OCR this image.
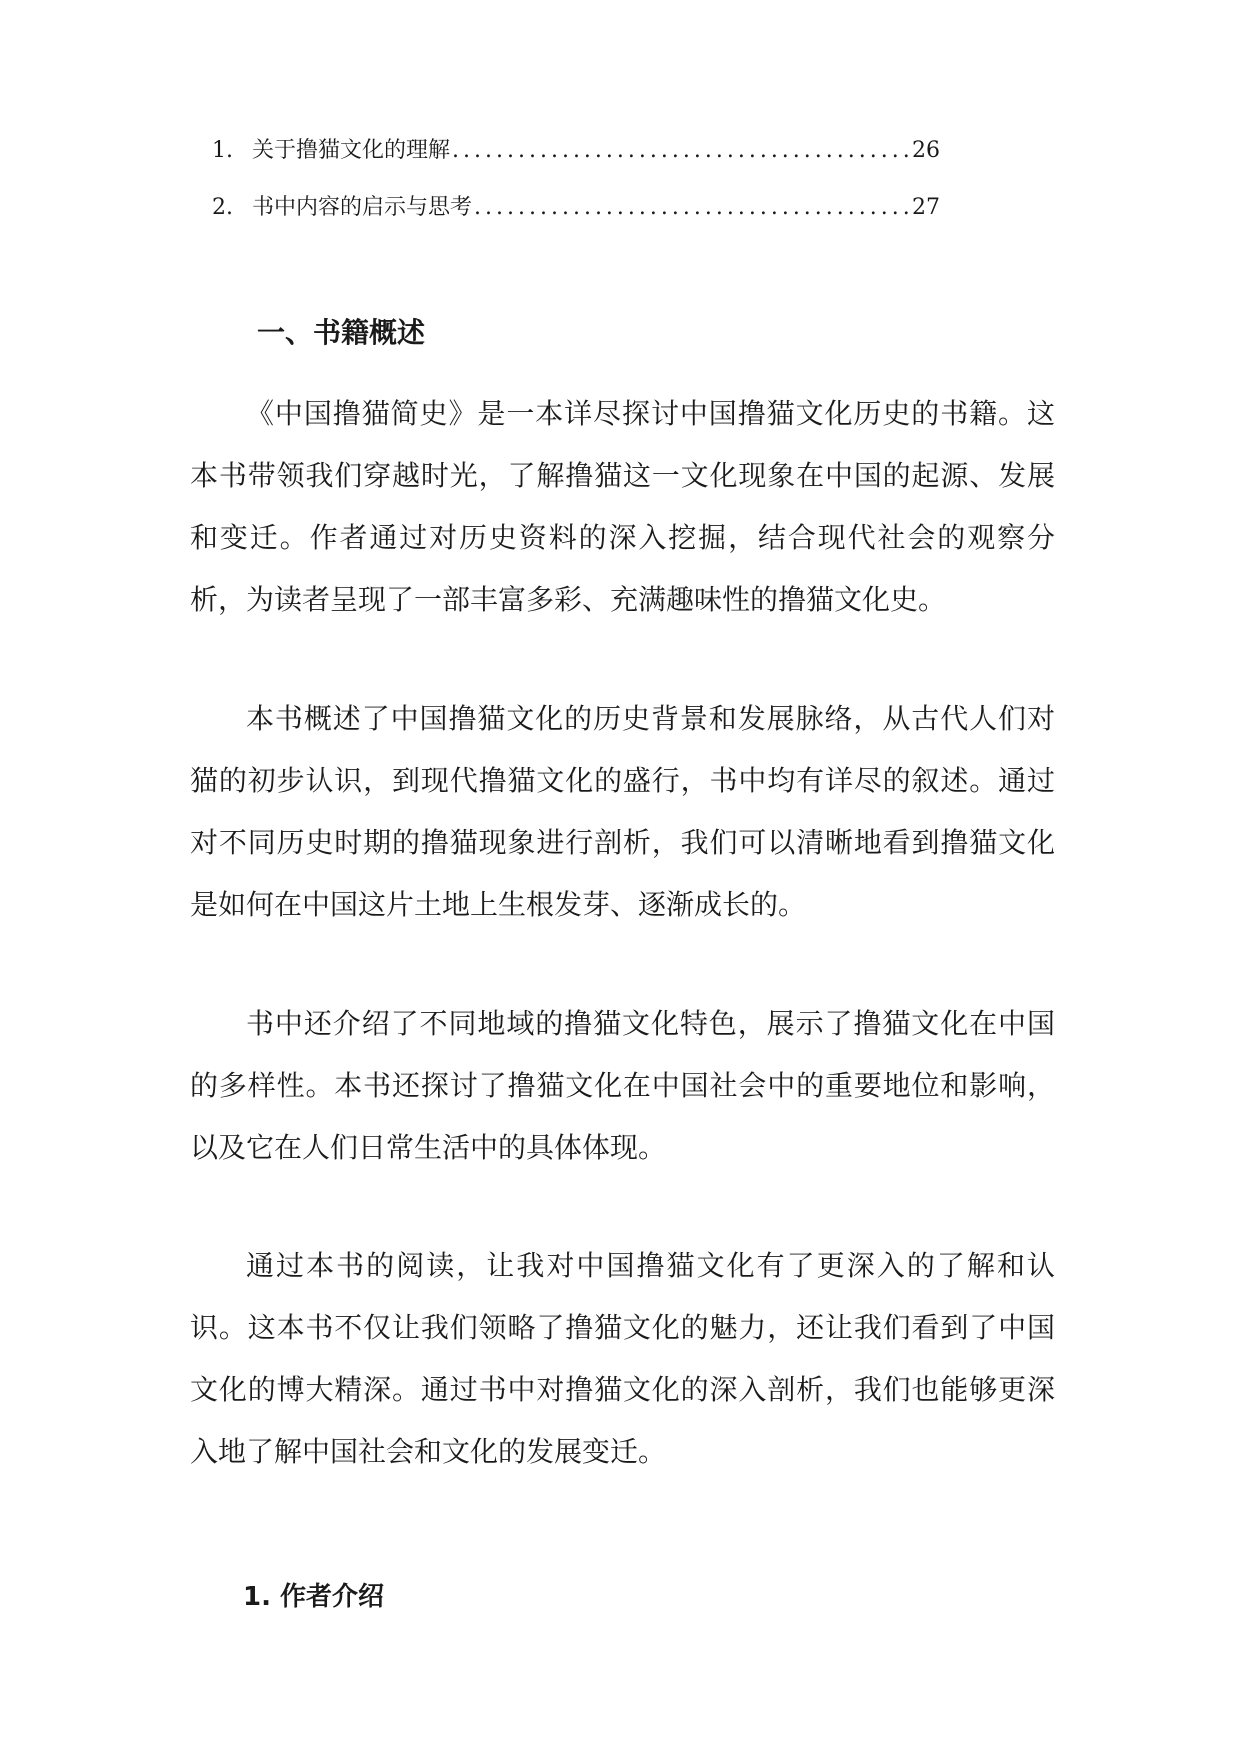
1. 关于撸猫文化的理解 .....	26
2. 书中内容的启示与思考 .....	27
一、书籍概述

《中国撸猫简史》是一本详尽探讨中国撸猫文化历史的书籍。这本书带领我们穿越时光，了解撸猫这一文化现象在中国的起源、发展和变迁。作者通过对历史资料的深入挖掘，结合现代社会的观察分析，为读者呈现了一部丰富多彩、充满趣味性的撸猫文化史。

本书概述了中国撸猫文化的历史背景和发展脉络，从古代人们对猫的初步认识，到现代撸猫文化的盛行，书中均有详尽的叙述。通过对不同历史时期的撸猫现象进行剖析，我们可以清晰地看到撸猫文化是如何在中国这片土地上生根发芽、逐渐成长的。

书中还介绍了不同地域的撸猫文化特色，展示了撸猫文化在中国的多样性。本书还探讨了撸猫文化在中国社会中的重要地位和影响，以及它在人们日常生活中的具体体现。

通过本书的阅读，让我对中国撸猫文化有了更深入的了解和认识。这本书不仅让我们领略了撸猫文化的魅力，还让我们看到了中国文化的博大精深。通过书中对撸猫文化的深入剖析，我们也能够更深入地了解中国社会和文化的发展变迁。

1. 作者介绍
